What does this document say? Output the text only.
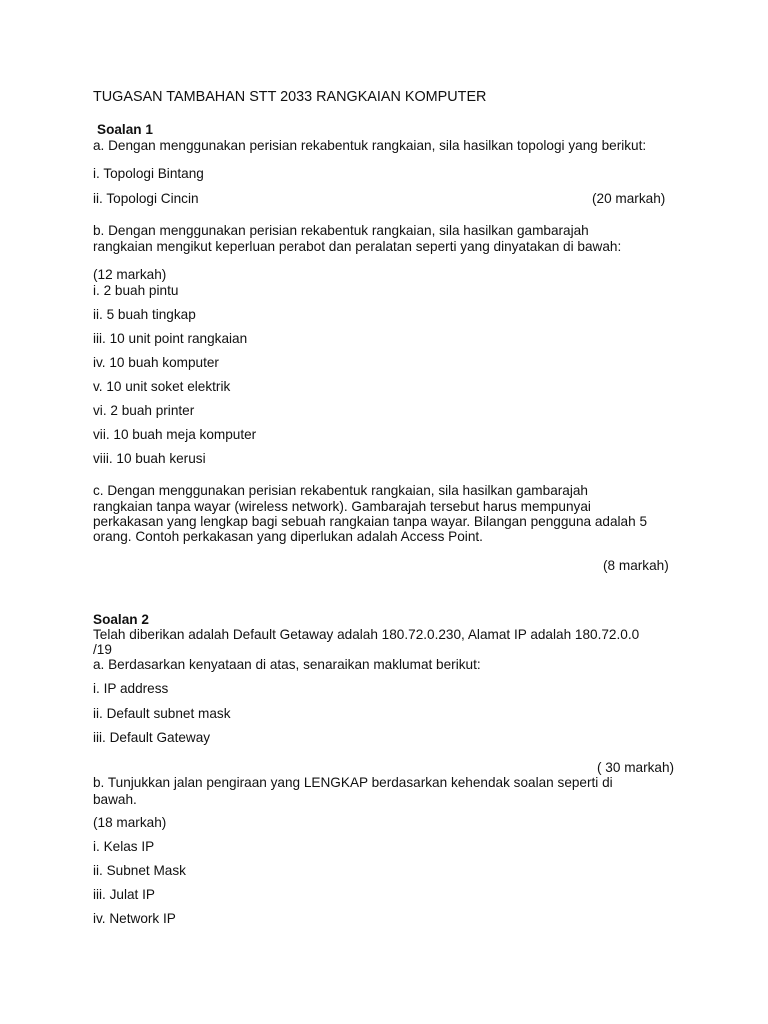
TUGASAN TAMBAHAN STT 2033 RANGKAIAN KOMPUTER
Soalan 1
a. Dengan menggunakan perisian rekabentuk rangkaian, sila hasilkan topologi yang berikut:
i. Topologi Bintang
ii. Topologi Cincin	(20 markah)
b. Dengan menggunakan perisian rekabentuk rangkaian, sila hasilkan gambarajah
rangkaian mengikut keperluan perabot dan peralatan seperti yang dinyatakan di bawah:
(12 markah)
i. 2 buah pintu
ii. 5 buah tingkap
iii. 10 unit point rangkaian
iv. 10 buah komputer
v. 10 unit soket elektrik
vi. 2 buah printer
vii. 10 buah meja komputer
viii. 10 buah kerusi
c. Dengan menggunakan perisian rekabentuk rangkaian, sila hasilkan gambarajah
rangkaian tanpa wayar (wireless network). Gambarajah tersebut harus mempunyai
perkakasan yang lengkap bagi sebuah rangkaian tanpa wayar. Bilangan pengguna adalah 5
orang. Contoh perkakasan yang diperlukan adalah Access Point.
(8 markah)
Soalan 2
Telah diberikan adalah Default Getaway adalah 180.72.0.230, Alamat IP adalah 180.72.0.0
/19
a. Berdasarkan kenyataan di atas, senaraikan maklumat berikut:
i. IP address
ii. Default subnet mask
iii. Default Gateway
( 30 markah)
b. Tunjukkan jalan pengiraan yang LENGKAP berdasarkan kehendak soalan seperti di
bawah.
(18 markah)
i. Kelas IP
ii. Subnet Mask
iii. Julat IP
iv. Network IP
